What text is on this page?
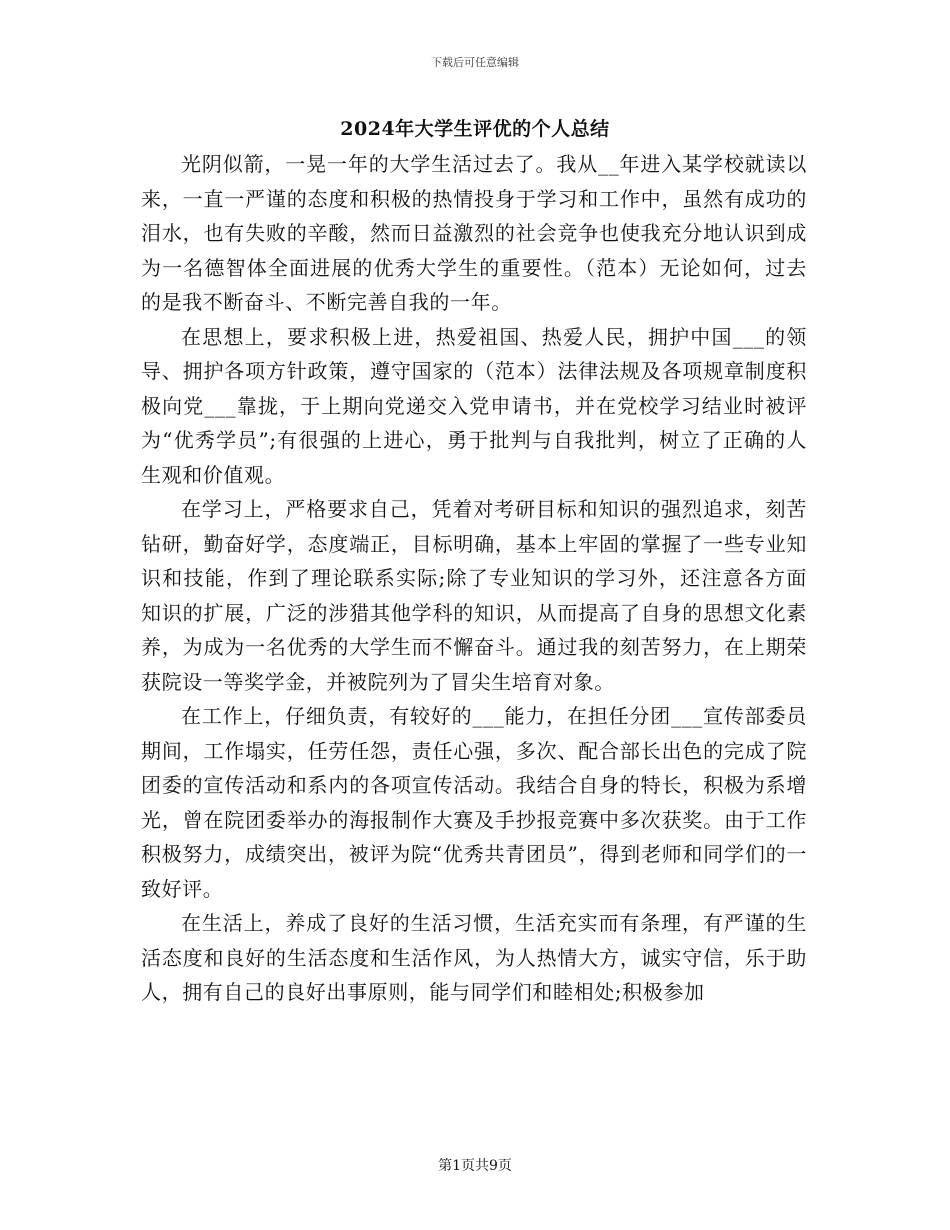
下载后可任意编辑
2024年大学生评优的个人总结

光阴似箭，一晃一年的大学生活过去了。我从__年进入某学校就读以来，一直一严谨的态度和积极的热情投身于学习和工作中，虽然有成功的泪水，也有失败的辛酸，然而日益激烈的社会竞争也使我充分地认识到成为一名德智体全面进展的优秀大学生的重要性。（范本）无论如何，过去的是我不断奋斗、不断完善自我的一年。

在思想上，要求积极上进，热爱祖国、热爱人民，拥护中国___的领导、拥护各项方针政策，遵守国家的（范本）法律法规及各项规章制度积极向党___靠拢，于上期向党递交入党申请书，并在党校学习结业时被评为“优秀学员”;有很强的上进心，勇于批判与自我批判，树立了正确的人生观和价值观。

在学习上，严格要求自己，凭着对考研目标和知识的强烈追求，刻苦钻研，勤奋好学，态度端正，目标明确，基本上牢固的掌握了一些专业知识和技能，作到了理论联系实际;除了专业知识的学习外，还注意各方面知识的扩展，广泛的涉猎其他学科的知识，从而提高了自身的思想文化素养，为成为一名优秀的大学生而不懈奋斗。通过我的刻苦努力，在上期荣获院设一等奖学金，并被院列为了冒尖生培育对象。

在工作上，仔细负责，有较好的___能力，在担任分团___宣传部委员期间，工作塌实，任劳任怨，责任心强，多次、配合部长出色的完成了院团委的宣传活动和系内的各项宣传活动。我结合自身的特长，积极为系增光，曾在院团委举办的海报制作大赛及手抄报竞赛中多次获奖。由于工作积极努力，成绩突出，被评为院“优秀共青团员”，得到老师和同学们的一致好评。

在生活上，养成了良好的生活习惯，生活充实而有条理，有严谨的生活态度和良好的生活态度和生活作风，为人热情大方，诚实守信，乐于助人，拥有自己的良好出事原则，能与同学们和睦相处;积极参加

第1页共9页
